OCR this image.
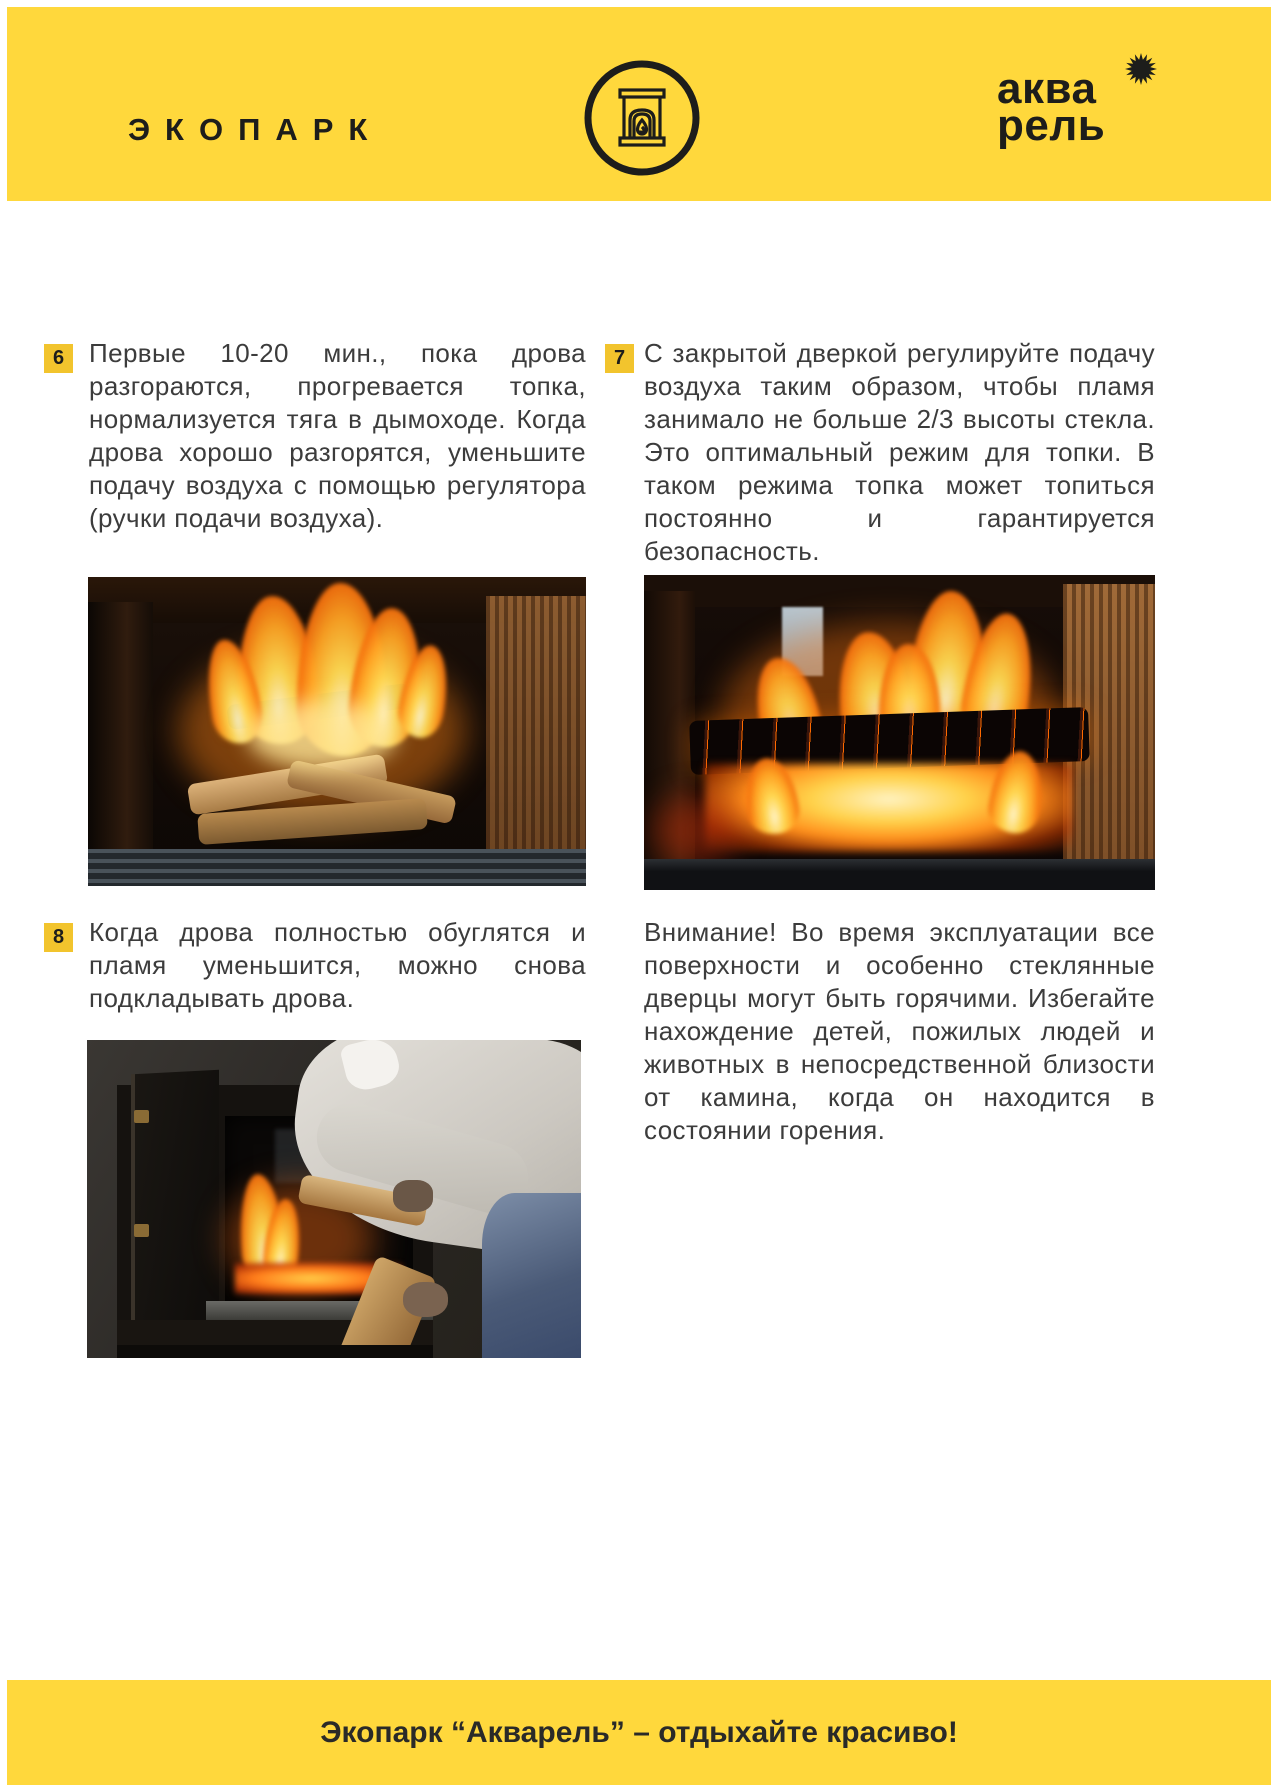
ЭКОПАРК
аква
рель
6 Первые 10-20 мин., пока дрова разгораются, прогревается топка, нормализуется тяга в дымоходе. Когда дрова хорошо разгорятся, уменьшите подачу воздуха с помощью регулятора (ручки подачи воздуха).
7 С закрытой дверкой регулируйте подачу воздуха таким образом, чтобы пламя занимало не больше 2/3 высоты стекла. Это оптимальный режим для топки. В таком режима топка может топиться постоянно и гарантируется безопасность.
8 Когда дрова полностью обуглятся и пламя уменьшится, можно снова подкладывать дрова.
Внимание! Во время эксплуатации все поверхности и особенно стеклянные дверцы могут быть горячими. Избегайте нахождение детей, пожилых людей и животных в непосредственной близости от камина, когда он находится в состоянии горения.
Экопарк “Акварель” – отдыхайте красиво!
